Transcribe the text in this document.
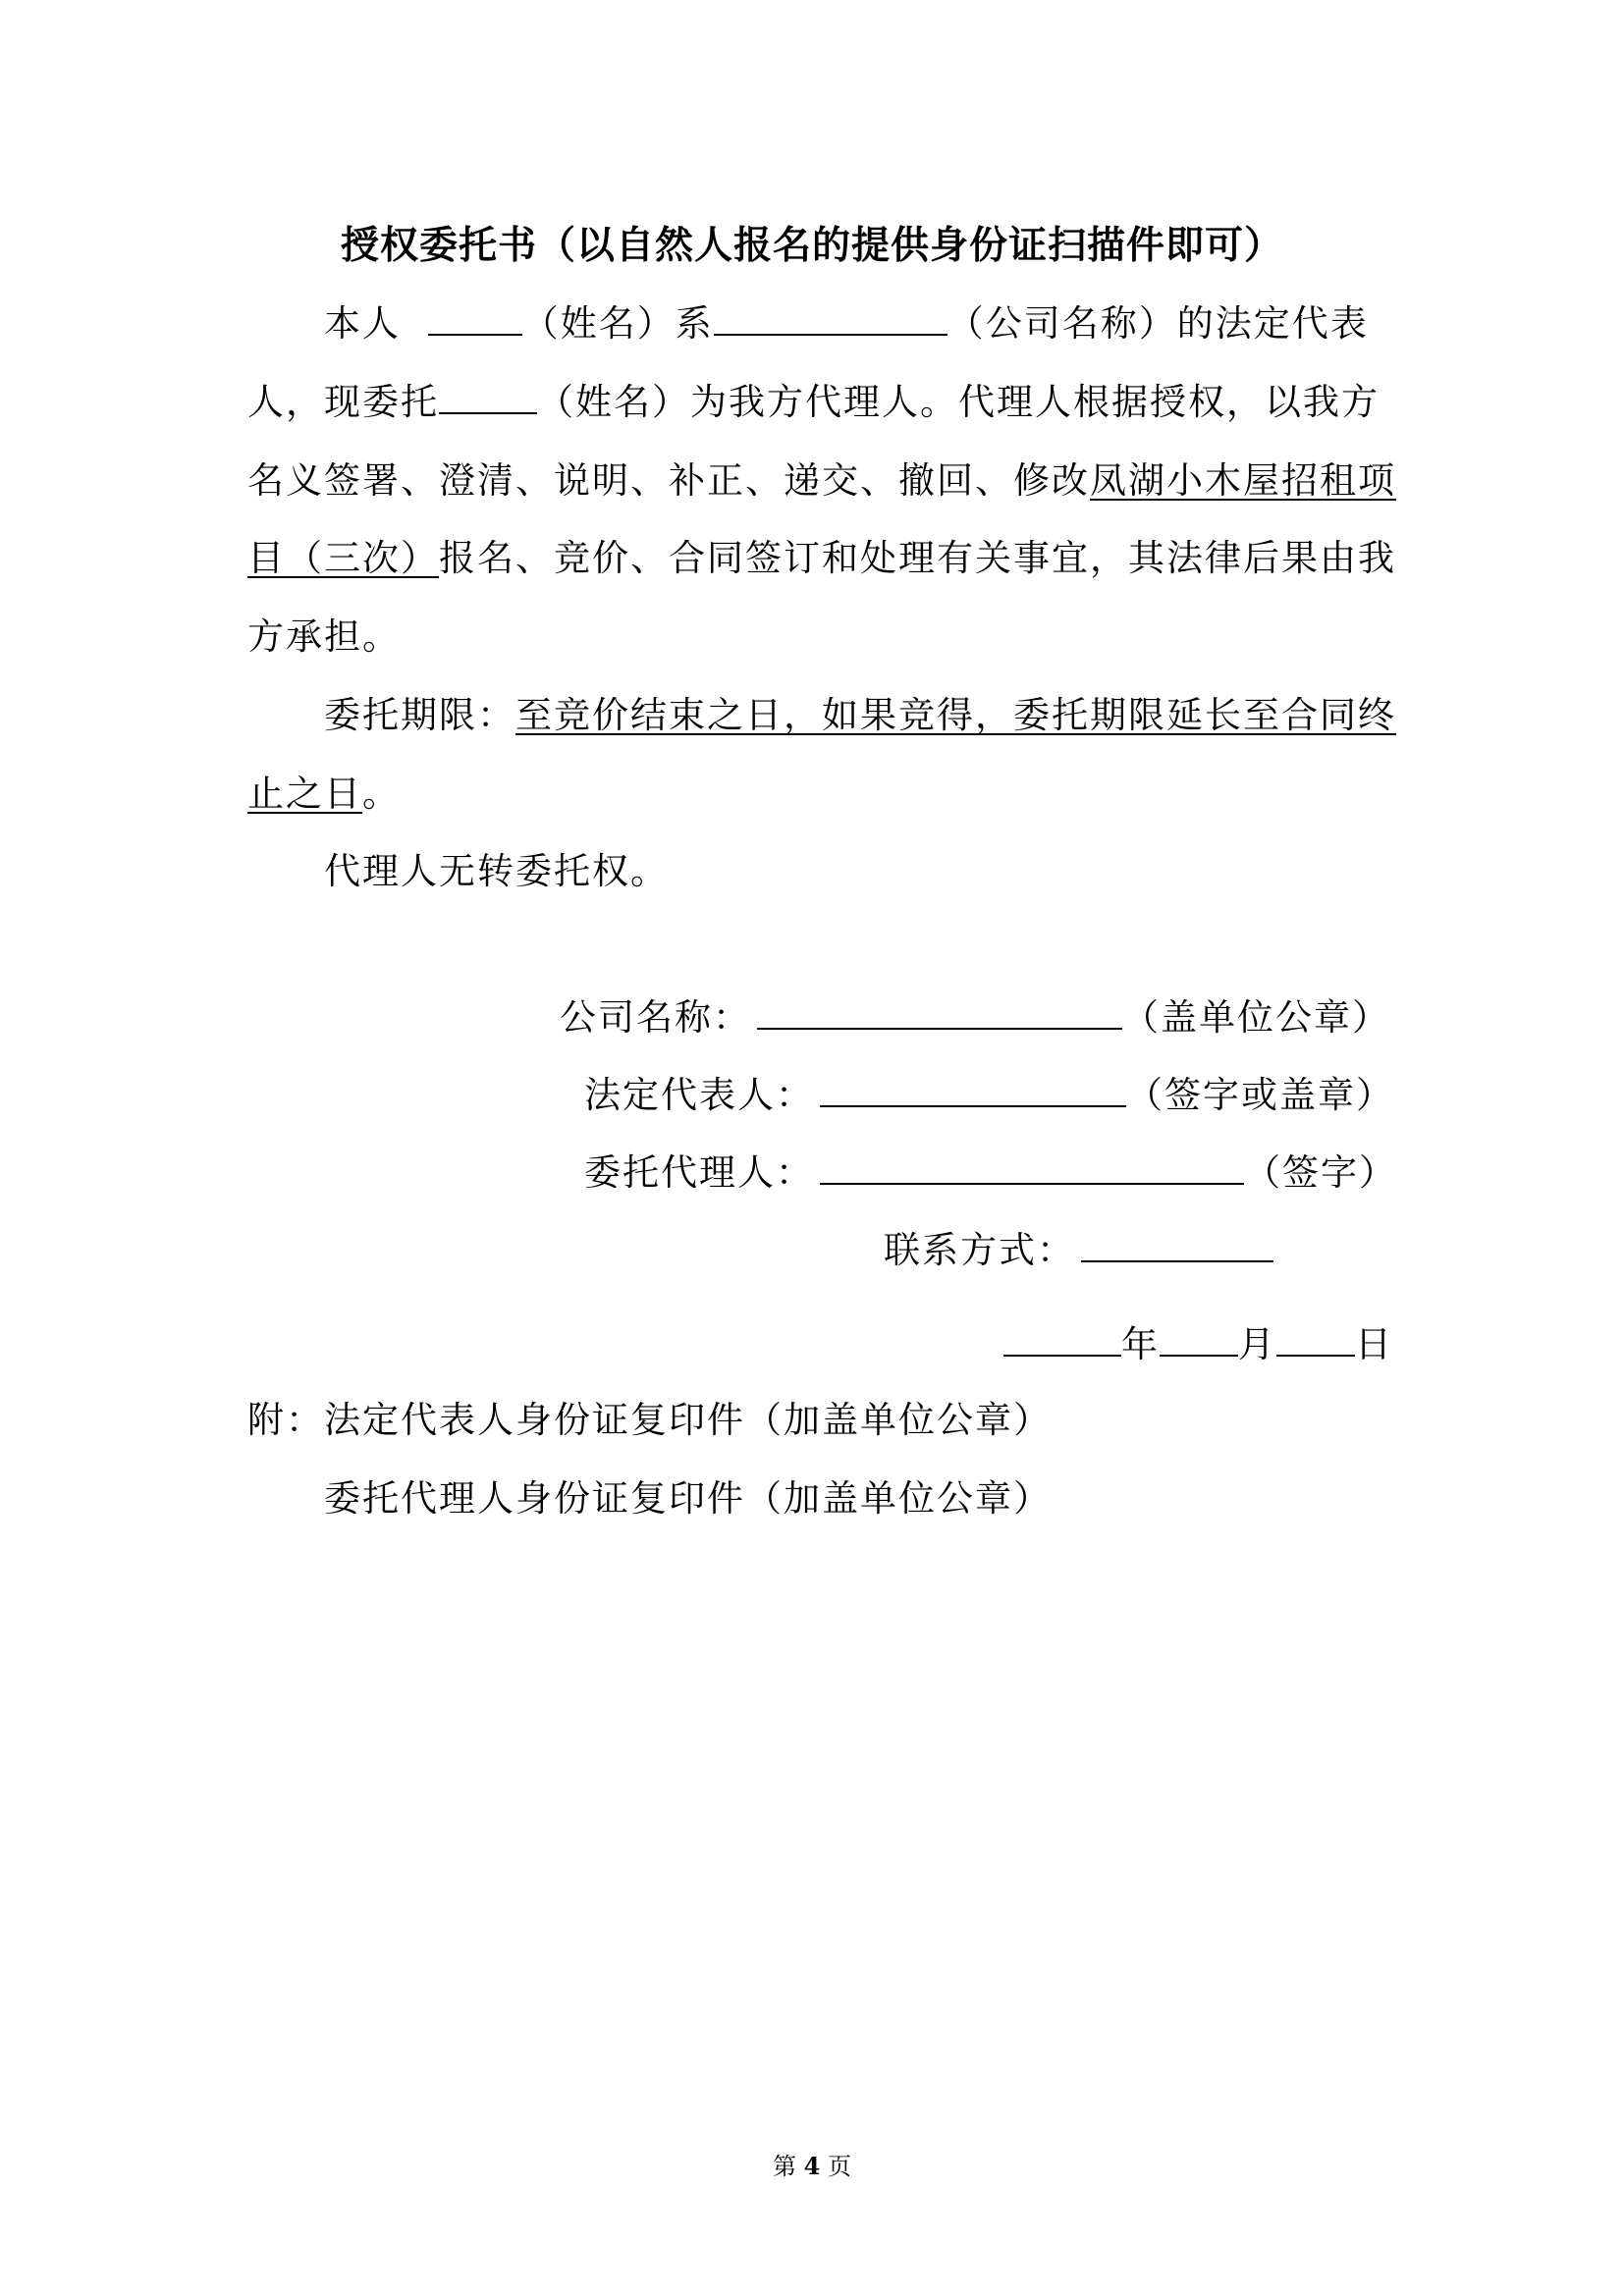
授权委托书（以自然人报名的提供身份证扫描件即可）
本人	（姓名）系	（公司名称）的法定代表
人，现委托	（姓名）为我方代理人。代理人根据授权，以我方
名义签署、澄清、说明、补正、递交、撤回、修改凤湖小木屋招租项
目（三次）报名、竞价、合同签订和处理有关事宜，其法律后果由我
方承担。
委托期限：至竞价结束之日，如果竞得，委托期限延长至合同终
止之日。
代理人无转委托权。
公司名称：	（盖单位公章）
法定代表人：	（签字或盖章）
委托代理人：	（签字）
联系方式：
年 月 日
附：法定代表人身份证复印件（加盖单位公章）
委托代理人身份证复印件（加盖单位公章）
第 4 页
